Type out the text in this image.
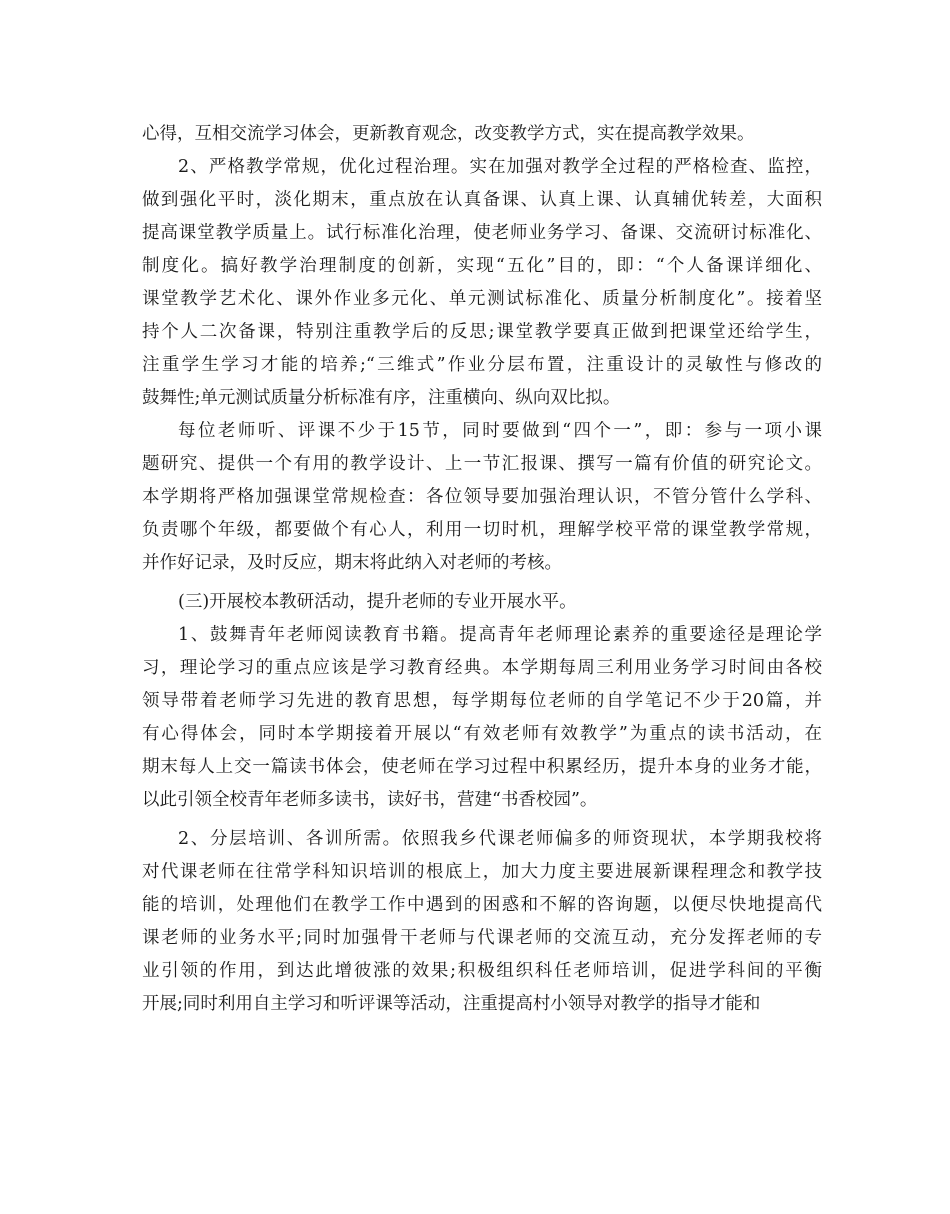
心得，互相交流学习体会，更新教育观念，改变教学方式，实在提高教学效果。
2、严格教学常规，优化过程治理。实在加强对教学全过程的严格检查、监控，
做到强化平时，淡化期末，重点放在认真备课、认真上课、认真辅优转差，大面积
提高课堂教学质量上。试行标准化治理，使老师业务学习、备课、交流研讨标准化、
制度化。搞好教学治理制度的创新，实现“五化”目的，即：“个人备课详细化、
课堂教学艺术化、课外作业多元化、单元测试标准化、质量分析制度化”。接着坚
持个人二次备课，特别注重教学后的反思;课堂教学要真正做到把课堂还给学生，
注重学生学习才能的培养;“三维式”作业分层布置，注重设计的灵敏性与修改的
鼓舞性;单元测试质量分析标准有序，注重横向、纵向双比拟。
每位老师听、评课不少于15节，同时要做到“四个一”，即：参与一项小课
题研究、提供一个有用的教学设计、上一节汇报课、撰写一篇有价值的研究论文。
本学期将严格加强课堂常规检查：各位领导要加强治理认识，不管分管什么学科、
负责哪个年级，都要做个有心人，利用一切时机，理解学校平常的课堂教学常规，
并作好记录，及时反应，期末将此纳入对老师的考核。
(三)开展校本教研活动，提升老师的专业开展水平。
1、鼓舞青年老师阅读教育书籍。提高青年老师理论素养的重要途径是理论学
习，理论学习的重点应该是学习教育经典。本学期每周三利用业务学习时间由各校
领导带着老师学习先进的教育思想，每学期每位老师的自学笔记不少于20篇，并
有心得体会，同时本学期接着开展以“有效老师有效教学”为重点的读书活动，在
期末每人上交一篇读书体会，使老师在学习过程中积累经历，提升本身的业务才能，
以此引领全校青年老师多读书，读好书，营建“书香校园”。
2、分层培训、各训所需。依照我乡代课老师偏多的师资现状，本学期我校将
对代课老师在往常学科知识培训的根底上，加大力度主要进展新课程理念和教学技
能的培训，处理他们在教学工作中遇到的困惑和不解的咨询题，以便尽快地提高代
课老师的业务水平;同时加强骨干老师与代课老师的交流互动，充分发挥老师的专
业引领的作用，到达此增彼涨的效果;积极组织科任老师培训，促进学科间的平衡
开展;同时利用自主学习和听评课等活动，注重提高村小领导对教学的指导才能和
